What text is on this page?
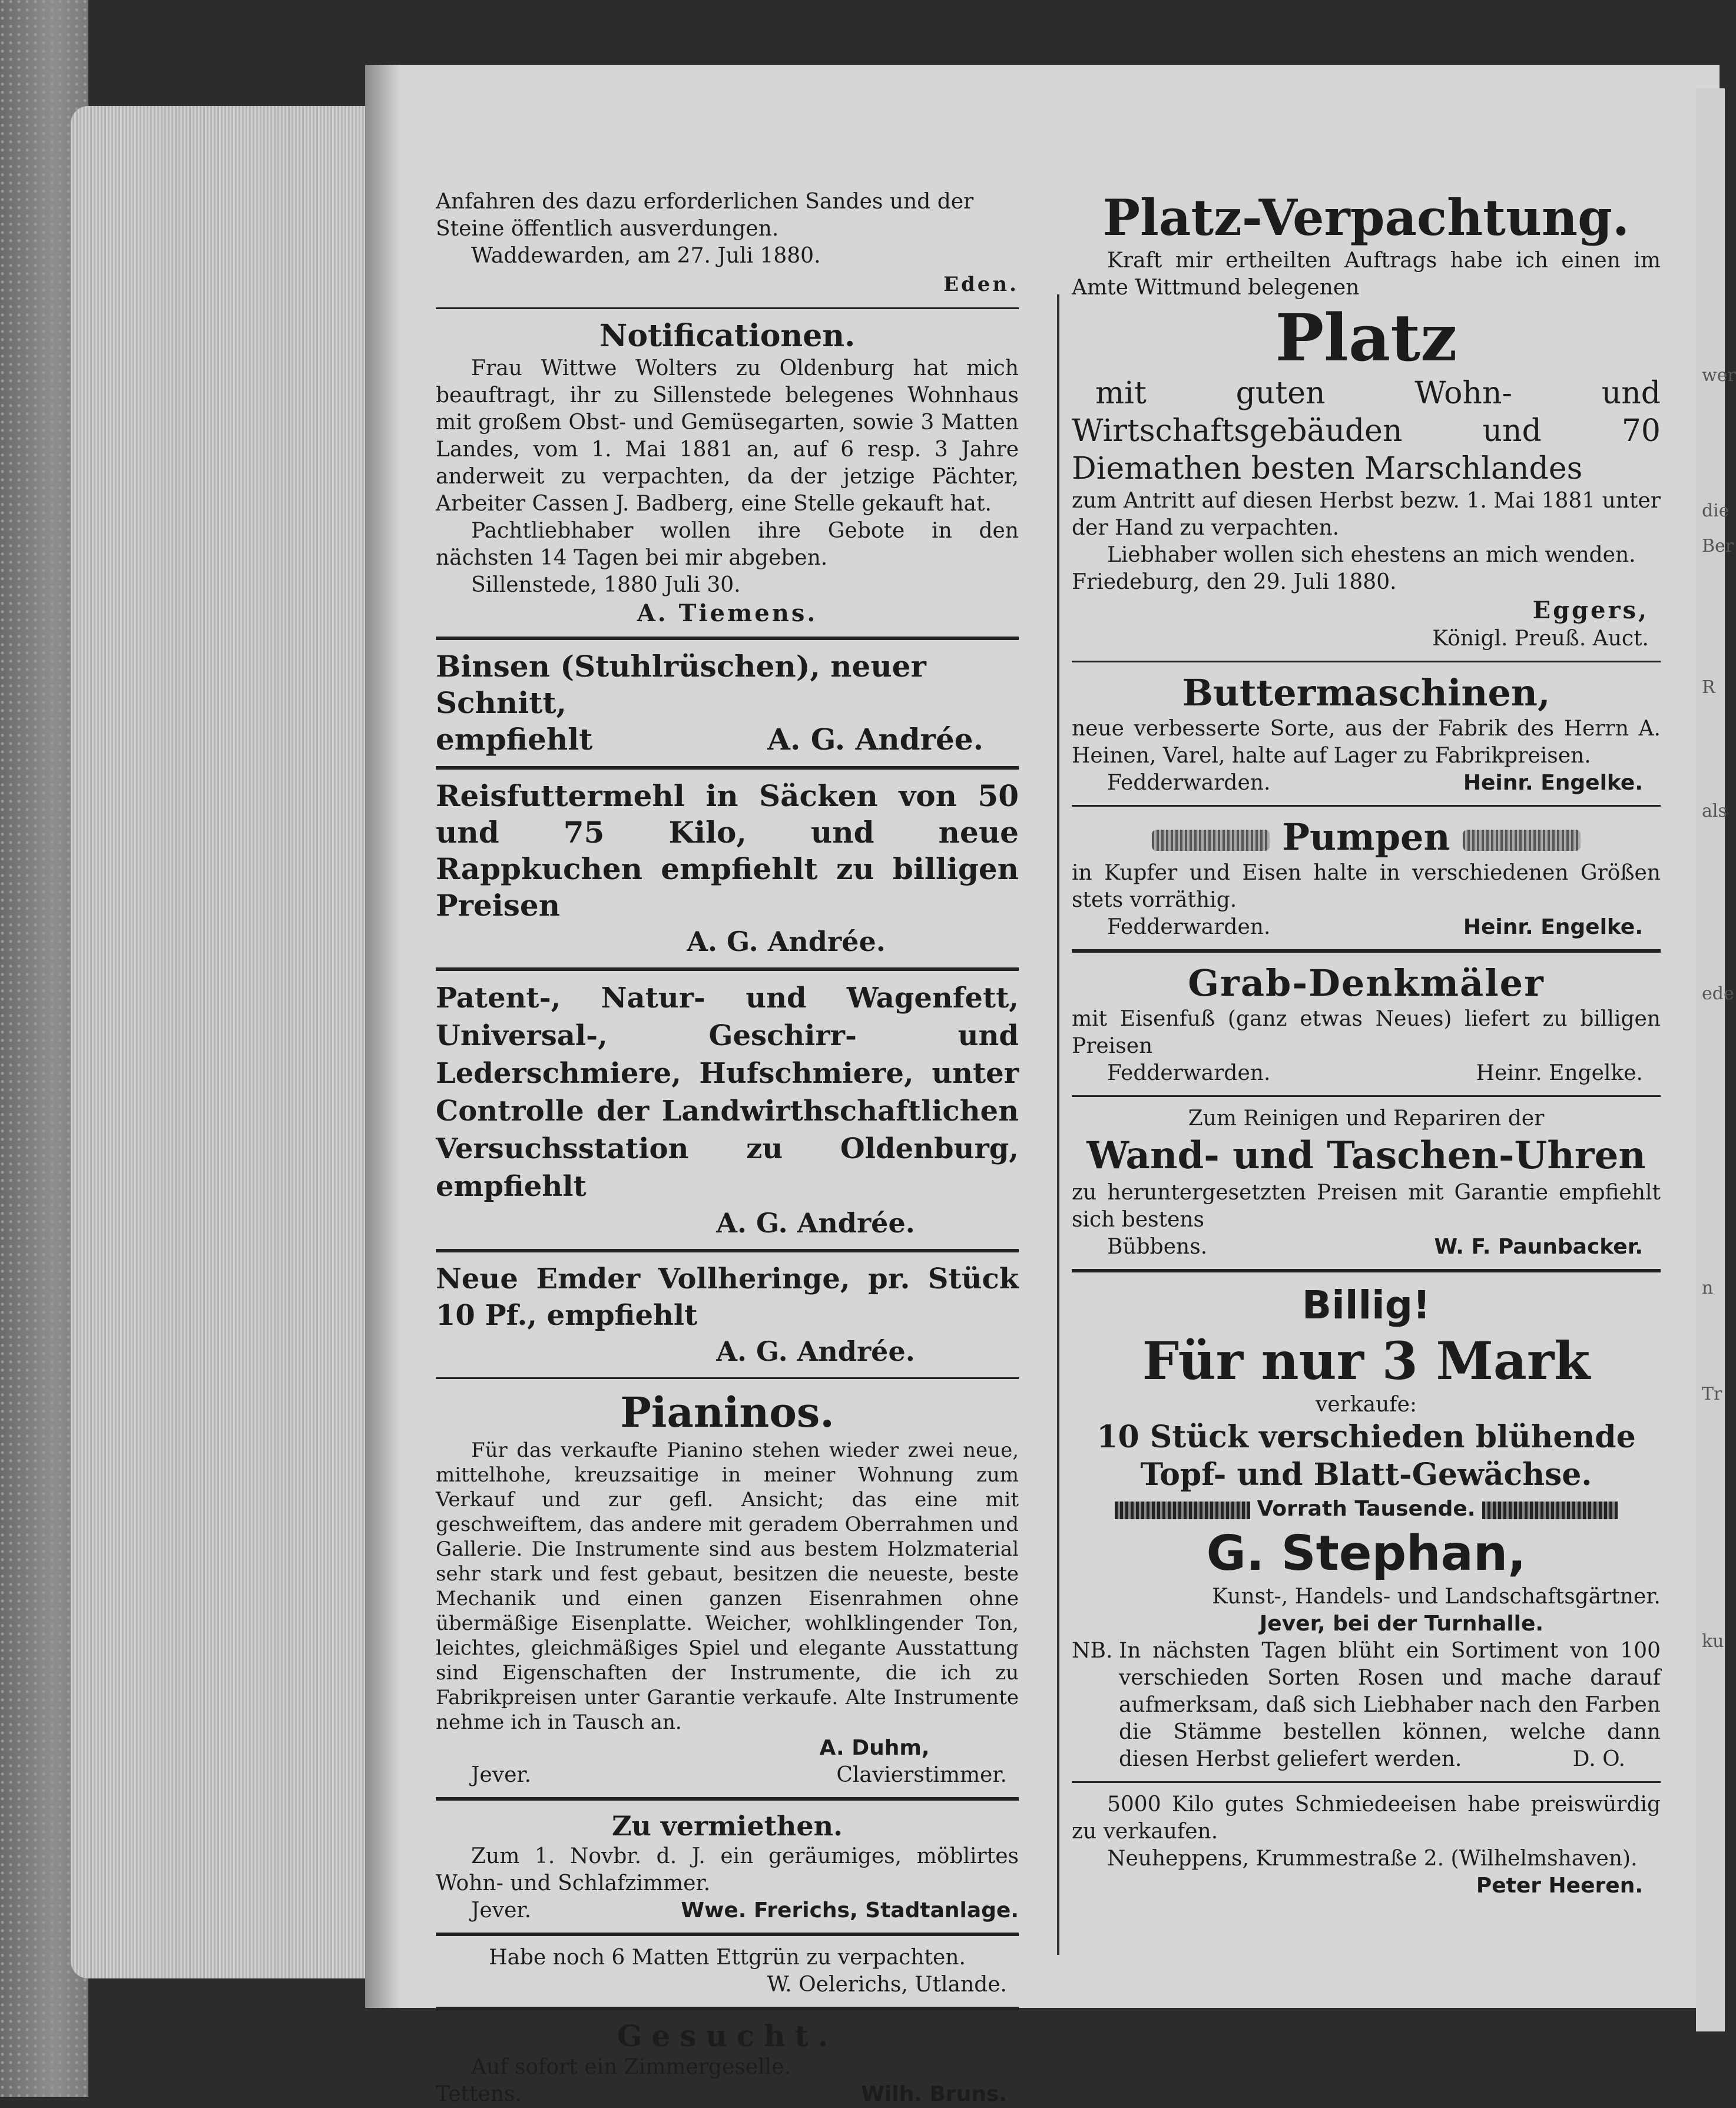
wer
die
Ber
R
als
ede
n
Tr
ku

Anfahren des dazu erforderlichen Sandes und der

Steine öffentlich ausverdungen.

Waddewarden, am 27. Juli 1880.

Eden.

Notificationen.

Frau Wittwe Wolters zu Oldenburg hat mich beauftragt, ihr zu Sillenstede belegenes Wohnhaus mit großem Obst- und Gemüsegarten, sowie 3 Matten Landes, vom 1. Mai 1881 an, auf 6 resp. 3 Jahre anderweit zu verpachten, da der jetzige Pächter, Arbeiter Cassen J. Badberg, eine Stelle gekauft hat.

Pachtliebhaber wollen ihre Gebote in den nächsten 14 Tagen bei mir abgeben.

Sillenstede, 1880 Juli 30.

A. Tiemens.

Binsen (Stuhlrüschen), neuer Schnitt,

empfiehlt	A. G. Andrée.

Reisfuttermehl in Säcken von 50 und 75 Kilo, und neue Rappkuchen empfiehlt zu billigen Preisen

A. G. Andrée.

Patent-, Natur- und Wagenfett, Universal-, Geschirr- und Lederschmiere, Hufschmiere, unter Controlle der Landwirthschaftlichen Versuchsstation zu Oldenburg, empfiehlt

A. G. Andrée.

Neue Emder Vollheringe, pr. Stück 10 Pf., empfiehlt

A. G. Andrée.

Pianinos.

Für das verkaufte Pianino stehen wieder zwei neue, mittelhohe, kreuzsaitige in meiner Wohnung zum Verkauf und zur gefl. Ansicht; das eine mit geschweiftem, das andere mit geradem Oberrahmen und Gallerie. Die Instrumente sind aus bestem Holzmaterial sehr stark und fest gebaut, besitzen die neueste, beste Mechanik und einen ganzen Eisenrahmen ohne übermäßige Eisenplatte. Weicher, wohlklingender Ton, leichtes, gleichmäßiges Spiel und elegante Ausstattung sind Eigenschaften der Instrumente, die ich zu Fabrikpreisen unter Garantie verkaufe. Alte Instrumente nehme ich in Tausch an.

A. Duhm,

Jever.	Clavierstimmer.

Zu vermiethen.

Zum 1. Novbr. d. J. ein geräumiges, möblirtes Wohn- und Schlafzimmer.

Jever.	Wwe. Frerichs, Stadtanlage.

Habe noch 6 Matten Ettgrün zu verpachten.

W. Oelerichs, Utlande.

Gesucht.

Auf sofort ein Zimmergeselle.

Tettens.	Wilh. Bruns.

Platz-Verpachtung.

Kraft mir ertheilten Auftrags habe ich einen im Amte Wittmund belegenen

Platz

mit guten Wohn- und Wirtschaftsgebäuden und 70 Diemathen besten Marschlandes

zum Antritt auf diesen Herbst bezw. 1. Mai 1881 unter der Hand zu verpachten.

Liebhaber wollen sich ehestens an mich wenden.

Friedeburg, den 29. Juli 1880.

Eggers,

Königl. Preuß. Auct.

Buttermaschinen,

neue verbesserte Sorte, aus der Fabrik des Herrn A. Heinen, Varel, halte auf Lager zu Fabrikpreisen.

Fedderwarden.	Heinr. Engelke.

Pumpen

in Kupfer und Eisen halte in verschiedenen Größen stets vorräthig.

Fedderwarden.	Heinr. Engelke.

Grab-Denkmäler

mit Eisenfuß (ganz etwas Neues) liefert zu billigen Preisen

Fedderwarden.	Heinr. Engelke.

Zum Reinigen und Repariren der

Wand- und Taschen-Uhren

zu heruntergesetzten Preisen mit Garantie empfiehlt sich bestens

Bübbens.	W. F. Paunbacker.

Billig!

Für nur 3 Mark

verkaufe:

10 Stück verschieden blühende Topf- und Blatt-Gewächse.

Vorrath Tausende.

G. Stephan,

Kunst-, Handels- und Landschaftsgärtner.

Jever, bei der Turnhalle.

NB. In nächsten Tagen blüht ein Sortiment von 100 verschieden Sorten Rosen und mache darauf aufmerksam, daß sich Liebhaber nach den Farben die Stämme bestellen können, welche dann diesen Herbst geliefert werden.	D. O.

5000 Kilo gutes Schmiedeeisen habe preiswürdig zu verkaufen.

Neuheppens, Krummestraße 2. (Wilhelmshaven).

Peter Heeren.
